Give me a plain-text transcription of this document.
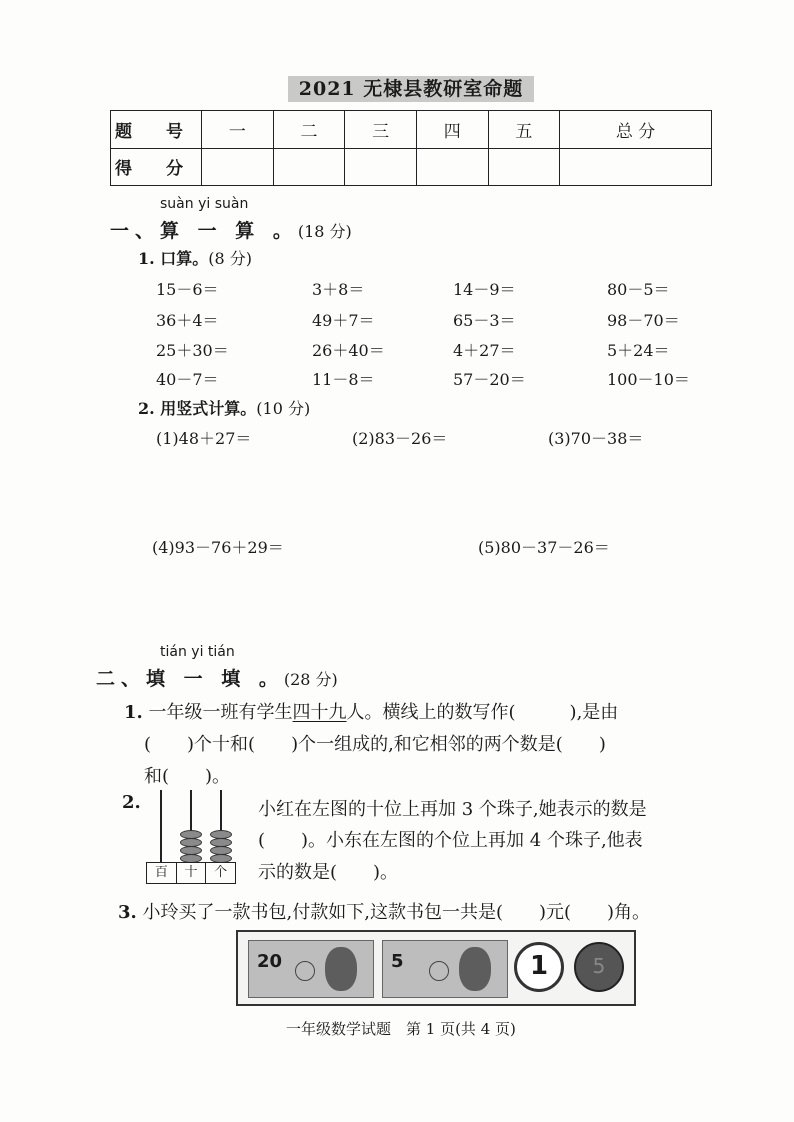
2021 无棣县教研室命题
题 号	一	二	三	四	五	总 分
得 分						
suàn yi suàn
一、算 一 算 。(18 分)
1. 口算。(8 分)
15－6＝	3＋8＝	14－9＝	80－5＝
36＋4＝	49＋7＝	65－3＝	98－70＝
25＋30＝	26＋40＝	4＋27＝	5＋24＝
40－7＝	11－8＝	57－20＝	100－10＝
2. 用竖式计算。(10 分)
(1)48＋27＝	(2)83－26＝	(3)70－38＝
(4)93－76＋29＝	(5)80－37－26＝
tián yi tián
二、填 一 填 。(28 分)
1. 一年级一班有学生四十九人。横线上的数写作(　　　),是由
(　　)个十和(　　)个一组成的,和它相邻的两个数是(　　)
和(　　)。
2.
百	十	个
小红在左图的十位上再加 3 个珠子,她表示的数是
(　　)。小东在左图的个位上再加 4 个珠子,他表
示的数是(　　)。
3. 小玲买了一款书包,付款如下,这款书包一共是(　　)元(　　)角。
20	5	1	5
一年级数学试题　第 1 页(共 4 页)
